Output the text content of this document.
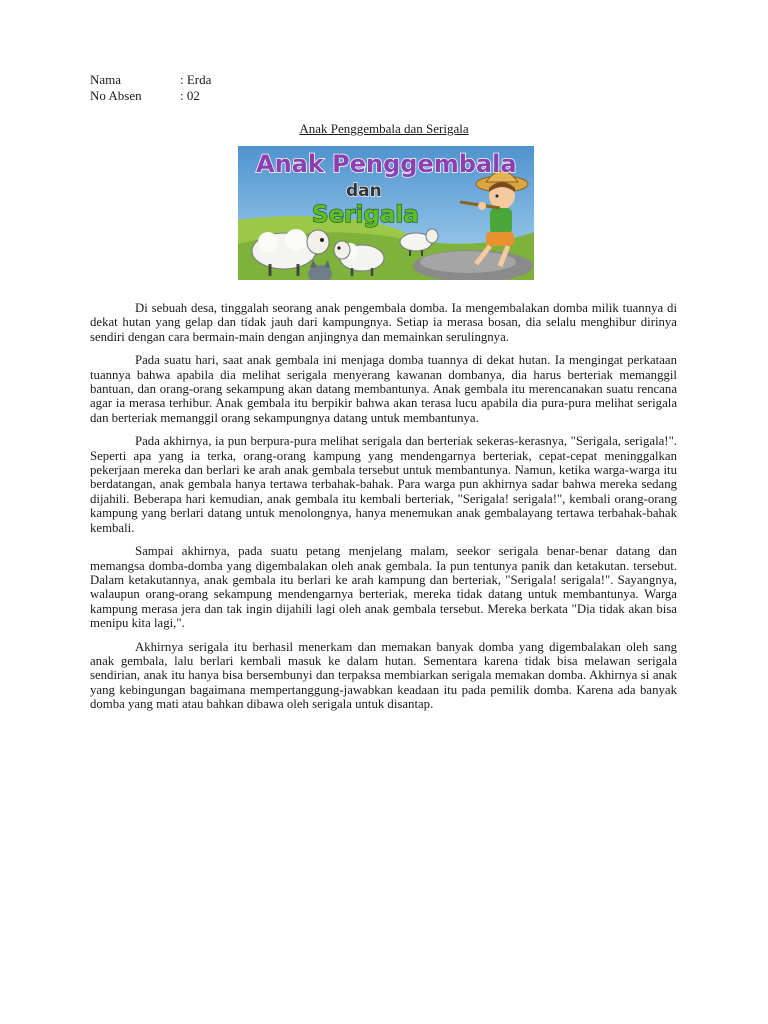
Nama	: Erda
No Absen	: 02
Anak Penggembala dan Serigala
Anak Penggembala
dan
Serigala

Di sebuah desa, tinggalah seorang anak pengembala domba. Ia mengembalakan domba milik tuannya di dekat hutan yang gelap dan tidak jauh dari kampungnya. Setiap ia merasa bosan, dia selalu menghibur dirinya sendiri dengan cara bermain-main dengan anjingnya dan memainkan serulingnya.

Pada suatu hari, saat anak gembala ini menjaga domba tuannya di dekat hutan. Ia mengingat perkataan tuannya bahwa apabila dia melihat serigala menyerang kawanan dombanya, dia harus berteriak memanggil bantuan, dan orang-orang sekampung akan datang membantunya. Anak gembala itu merencanakan suatu rencana agar ia merasa terhibur. Anak gembala itu berpikir bahwa akan terasa lucu apabila dia pura-pura melihat serigala dan berteriak memanggil orang sekampungnya datang untuk membantunya.

Pada akhirnya, ia pun berpura-pura melihat serigala dan berteriak sekeras-kerasnya, "Serigala, serigala!". Seperti apa yang ia terka, orang-orang kampung yang mendengarnya berteriak, cepat-cepat meninggalkan pekerjaan mereka dan berlari ke arah anak gembala tersebut untuk membantunya. Namun, ketika warga-warga itu berdatangan, anak gembala hanya tertawa terbahak-bahak. Para warga pun akhirnya sadar bahwa mereka sedang dijahili. Beberapa hari kemudian, anak gembala itu kembali berteriak, "Serigala! serigala!", kembali orang-orang kampung yang berlari datang untuk menolongnya, hanya menemukan anak gembalayang tertawa terbahak-bahak kembali.

Sampai akhirnya, pada suatu petang menjelang malam, seekor serigala benar-benar datang dan memangsa domba-domba yang digembalakan oleh anak gembala. Ia pun tentunya panik dan ketakutan. tersebut. Dalam ketakutannya, anak gembala itu berlari ke arah kampung dan berteriak, "Serigala! serigala!". Sayangnya, walaupun orang-orang sekampung mendengarnya berteriak, mereka tidak datang untuk membantunya. Warga kampung merasa jera dan tak ingin dijahili lagi oleh anak gembala tersebut. Mereka berkata "Dia tidak akan bisa menipu kita lagi,".

Akhirnya serigala itu berhasil menerkam dan memakan banyak domba yang digembalakan oleh sang anak gembala, lalu berlari kembali masuk ke dalam hutan. Sementara karena tidak bisa melawan serigala sendirian, anak itu hanya bisa bersembunyi dan terpaksa membiarkan serigala memakan domba. Akhirnya si anak yang kebingungan bagaimana mempertanggung-jawabkan keadaan itu pada pemilik domba. Karena ada banyak domba yang mati atau bahkan dibawa oleh serigala untuk disantap.
